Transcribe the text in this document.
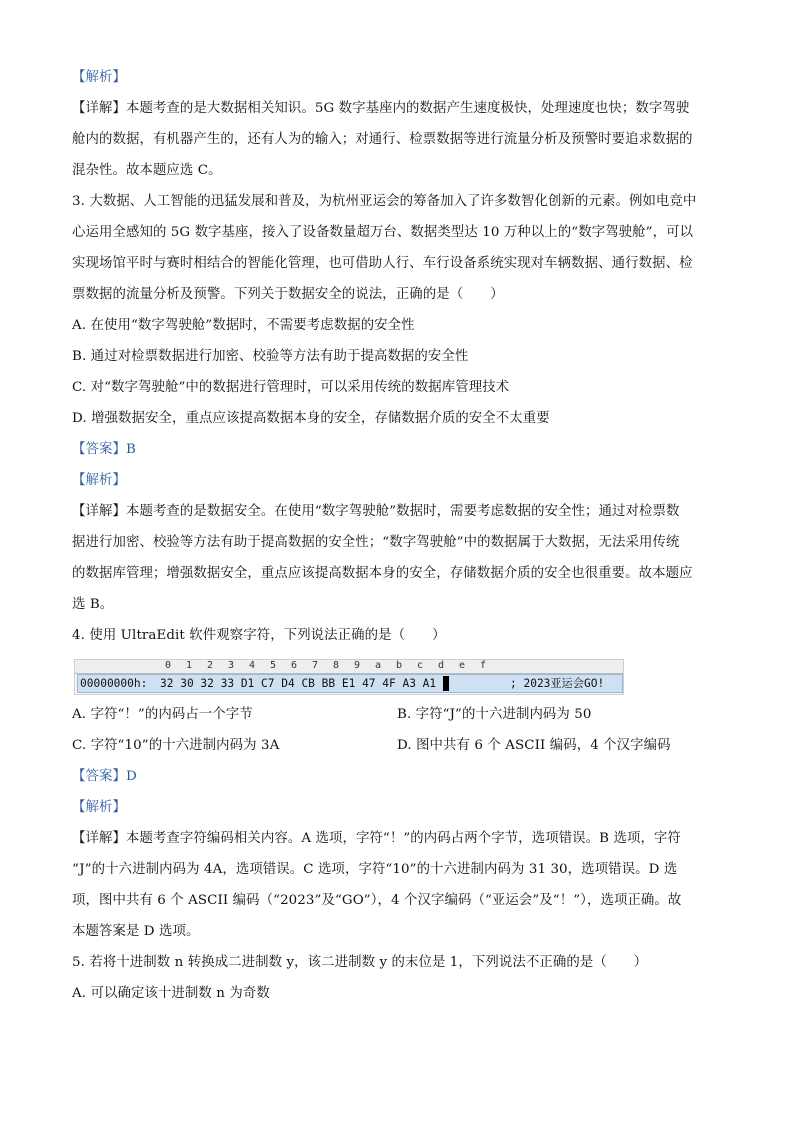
【解析】
【详解】本题考查的是大数据相关知识。5G 数字基座内的数据产生速度极快，处理速度也快；数字驾驶
舱内的数据，有机器产生的，还有人为的输入；对通行、检票数据等进行流量分析及预警时要追求数据的
混杂性。故本题应选 C。
3. 大数据、人工智能的迅猛发展和普及，为杭州亚运会的筹备加入了许多数智化创新的元素。例如电竞中
心运用全感知的 5G 数字基座，接入了设备数量超万台、数据类型达 10 万种以上的“数字驾驶舱”，可以
实现场馆平时与赛时相结合的智能化管理，也可借助人行、车行设备系统实现对车辆数据、通行数据、检
票数据的流量分析及预警。下列关于数据安全的说法，正确的是（　　）
A. 在使用“数字驾驶舱”数据时，不需要考虑数据的安全性
B. 通过对检票数据进行加密、校验等方法有助于提高数据的安全性
C. 对“数字驾驶舱”中的数据进行管理时，可以采用传统的数据库管理技术
D. 增强数据安全，重点应该提高数据本身的安全，存储数据介质的安全不太重要
【答案】B
【解析】
【详解】本题考查的是数据安全。在使用“数字驾驶舱”数据时，需要考虑数据的安全性；通过对检票数
据进行加密、校验等方法有助于提高数据的安全性；“数字驾驶舱”中的数据属于大数据，无法采用传统
的数据库管理；增强数据安全，重点应该提高数据本身的安全，存储数据介质的安全也很重要。故本题应
选 B。
4. 使用 UltraEdit 软件观察字符，下列说法正确的是（　　）
0 1 2 3 4 5 6 7 8 9 a b c d e f
00000000h: 32 30 32 33 D1 C7 D4 CB BB E1 47 4F A3 A1	; 2023亚运会GO!
A. 字符“！”的内码占一个字节	B. 字符“J”的十六进制内码为 50
C. 字符“10”的十六进制内码为 3A	D. 图中共有 6 个 ASCII 编码，4 个汉字编码
【答案】D
【解析】
【详解】本题考查字符编码相关内容。A 选项，字符“！”的内码占两个字节，选项错误。B 选项，字符
“J”的十六进制内码为 4A，选项错误。C 选项，字符“10”的十六进制内码为 31 30，选项错误。D 选
项，图中共有 6 个 ASCII 编码（“2023”及“GO”），4 个汉字编码（“亚运会”及“！”），选项正确。故
本题答案是 D 选项。
5. 若将十进制数 n 转换成二进制数 y，该二进制数 y 的末位是 1，下列说法不正确的是（　　）
A. 可以确定该十进制数 n 为奇数
